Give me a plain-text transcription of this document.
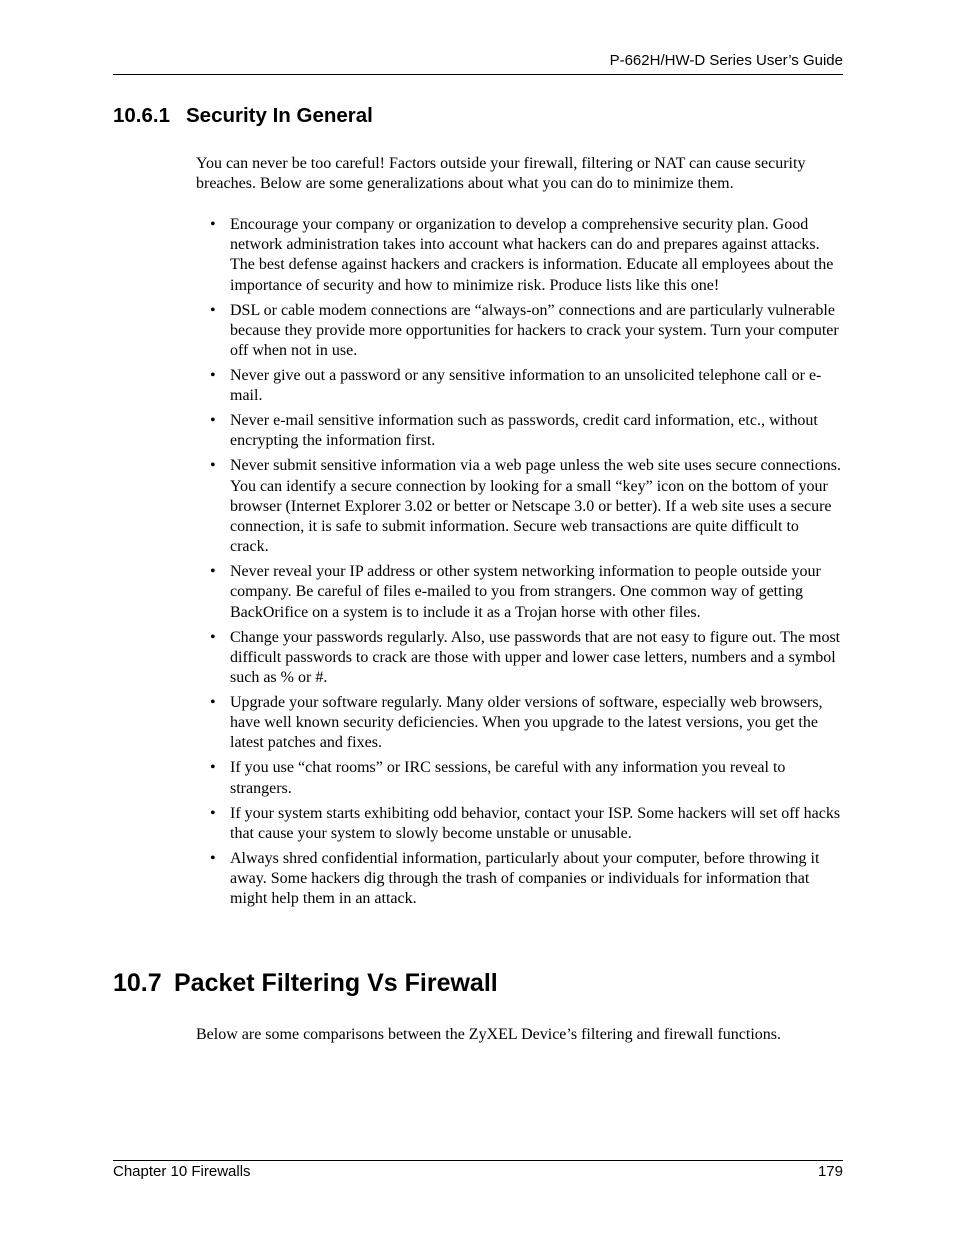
P-662H/HW-D Series User’s Guide
10.6.1 Security In General

You can never be too careful! Factors outside your firewall, filtering or NAT can cause security breaches. Below are some generalizations about what you can do to minimize them.

• Encourage your company or organization to develop a comprehensive security plan. Good network administration takes into account what hackers can do and prepares against attacks. The best defense against hackers and crackers is information. Educate all employees about the importance of security and how to minimize risk. Produce lists like this one!
• DSL or cable modem connections are “always-on” connections and are particularly vulnerable because they provide more opportunities for hackers to crack your system. Turn your computer off when not in use.
• Never give out a password or any sensitive information to an unsolicited telephone call or e-mail.
• Never e-mail sensitive information such as passwords, credit card information, etc., without encrypting the information first.
• Never submit sensitive information via a web page unless the web site uses secure connections. You can identify a secure connection by looking for a small “key” icon on the bottom of your browser (Internet Explorer 3.02 or better or Netscape 3.0 or better). If a web site uses a secure connection, it is safe to submit information. Secure web transactions are quite difficult to crack.
• Never reveal your IP address or other system networking information to people outside your company. Be careful of files e-mailed to you from strangers. One common way of getting BackOrifice on a system is to include it as a Trojan horse with other files.
• Change your passwords regularly. Also, use passwords that are not easy to figure out. The most difficult passwords to crack are those with upper and lower case letters, numbers and a symbol such as % or #.
• Upgrade your software regularly. Many older versions of software, especially web browsers, have well known security deficiencies. When you upgrade to the latest versions, you get the latest patches and fixes.
• If you use “chat rooms” or IRC sessions, be careful with any information you reveal to strangers.
• If your system starts exhibiting odd behavior, contact your ISP. Some hackers will set off hacks that cause your system to slowly become unstable or unusable.
• Always shred confidential information, particularly about your computer, before throwing it away. Some hackers dig through the trash of companies or individuals for information that might help them in an attack.
10.7 Packet Filtering Vs Firewall

Below are some comparisons between the ZyXEL Device’s filtering and firewall functions.

Chapter 10 Firewalls	179
